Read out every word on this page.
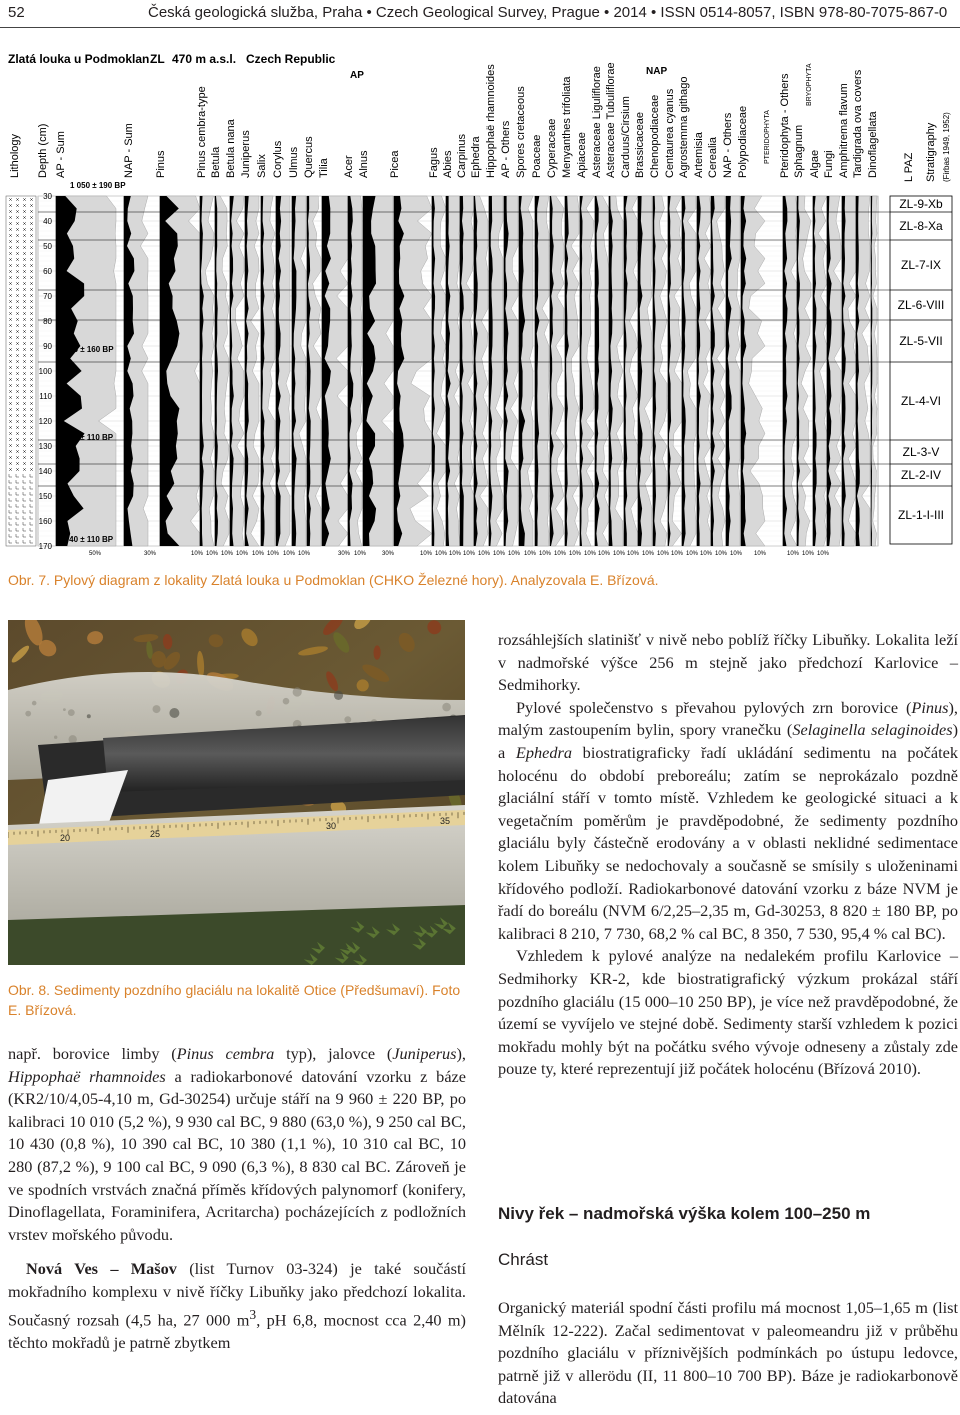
52	Česká geologická služba, Praha • Czech Geological Survey, Prague • 2014 • ISSN 0514-8057, ISBN 978-80-7075-867-0
Zlatá louka u Podmoklan ZL 470 m a.s.l. Czech Republic
AP	NAP
PTERIDOPHYTA
BRYOPHYTA
Lithology Depth (cm) AP - Sum	NAP - Sum Pinus	Pinus cembra-type Betula Betula nana Juniperus Salix Corylus Ulmus Quercus Tilia Acer Alnus Picea Fagus Abies Carpinus Ephedra Hippophaë rhamnoides AP - Others Spores cretaceous Poaceae Cyperaceae Menyanthes trifoliata Apiaceae Asteraceae Liguliflorae Asteraceae Tubuliflorae Carduus/Cirsium Brassicaceae Chenopodiaceae Centaurea cyanus Agrostemma githago Artemisia Cerealia NAP - Others Polypodiaceae	Pteridophyta - Others Sphagnum Algae Fungi Amphitrema flavum Tardigrada ova covers Dinoflagellata L PAZ Stratigraphy (Firbas 1949, 1952)
30
40
50
60
70
80
90
100
110
120
130
140
150
160
170
1 050 ± 190 BP
4 600 ± 160 BP
5 190 ± 110 BP
9 740 ± 110 BP
ZL-9-Xb
ZL-8-Xa
ZL-7-IX
ZL-6-VIII
ZL-5-VII
ZL-4-VI
ZL-3-V
ZL-2-IV
ZL-1-I-III
50%	30%	10% 10% 10% 10% 10% 10% 10% 10%	30% 10%	30%	10% 10% 10% 10% 10% 10% 10% 10% 10% 10% 10% 10% 10% 10% 10% 10% 10% 10% 10% 10% 10% 10% 10%	10% 10% 10%
Obr. 7. Pylový diagram z lokality Zlatá louka u Podmoklan (CHKO Železné hory). Analyzovala E. Břízová.
20	25
30	35
Obr. 8. Sedimenty pozdního glaciálu na lokalitě Otice (Předšumaví). Foto E. Břízová.

např. borovice limby (Pinus cembra typ), jalovce (Juniperus), Hippophaë rhamnoides a radiokarbonové datování vzorku z báze (KR2/10/4,05-4,10 m, Gd-30254) určuje stáří na 9 960 ± 220 BP, po kalibraci 10 010 (5,2 %), 9 930 cal BC, 9 880 (63,0 %), 9 250 cal BC, 10 430 (0,8 %), 10 390 cal BC, 10 380 (1,1 %), 10 310 cal BC, 10 280 (87,2 %), 9 100 cal BC, 9 090 (6,3 %), 8 830 cal BC. Zároveň je ve spodních vrstvách značná příměs křídových palynomorf (konifery, Dinoflagellata, Foraminifera, Acritarcha) pocházejících z podložních vrstev mořského původu.

Nová Ves – Mašov (list Turnov 03-324) je také součástí mokřadního komplexu v nivě říčky Libuňky jako předchozí lokalita. Současný rozsah (4,5 ha, 27 000 $m^3$, pH 6,8, mocnost cca 2,40 m) těchto mokřadů je patrně zbytkem

rozsáhlejších slatinišť v nivě nebo poblíž říčky Libuňky. Lokalita leží v nadmořské výšce 256 m stejně jako předchozí Karlovice – Sedmihorky.

Pylové společenstvo s převahou pylových zrn borovice (Pinus), malým zastoupením bylin, spory vranečku (Selaginella selaginoides) a Ephedra biostratigraficky řadí ukládání sedimentu na počátek holocénu do období preboreálu; zatím se neprokázalo pozdně glaciální stáří v tomto místě. Vzhledem ke geologické situaci a k vegetačním poměrům je pravděpodobné, že sedimenty pozdního glaciálu byly částečně erodovány a v oblasti neklidné sedimentace kolem Libuňky se nedochovaly a současně se smísily s uloženinami křídového podloží. Radiokarbonové datování vzorku z báze NVM je řadí do boreálu (NVM 6/2,25–2,35 m, Gd-30253, 8 820 ± 180 BP, po kalibraci 8 210, 7 730, 68,2 % cal BC, 8 350, 7 530, 95,4 % cal BC).

Vzhledem k pylové analýze na nedalekém profilu Karlovice – Sedmihorky KR-2, kde biostratigrafický výzkum prokázal stáří pozdního glaciálu (15 000–10 250 BP), je více než pravděpodobné, že území se vyvíjelo ve stejné době. Sedimenty starší vzhledem k pozici mokřadu mohly být na počátku svého vývoje odneseny a zůstaly zde pouze ty, které reprezentují již počátek holocénu (Břízová 2010).

Nivy řek – nadmořská výška kolem 100–250 m
Chrást

Organický materiál spodní části profilu má mocnost 1,05–1,65 m (list Mělník 12-222). Začal sedimentovat v paleomeandru již v průběhu pozdního glaciálu v příznivějších podmínkách po ústupu ledovce, patrně již v allerödu (II, 11 800–10 700 BP). Báze je radiokarbonově datována
